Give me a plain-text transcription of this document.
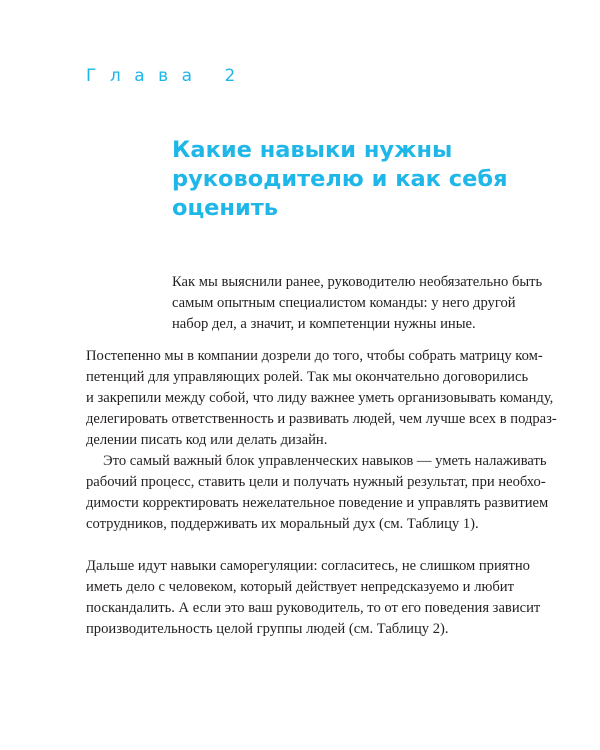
Глава 2
Какие навыки нужны
руководителю и как себя
оценить
Как мы выяснили ранее, руководителю необязательно быть
самым опытным специалистом команды: у него другой
набор дел, а значит, и компетенции нужны иные.
Постепенно мы в компании дозрели до того, чтобы собрать матрицу ком-
петенций для управляющих ролей. Так мы окончательно договорились
и закрепили между собой, что лиду важнее уметь организовывать команду,
делегировать ответственность и развивать людей, чем лучше всех в подраз-
делении писать код или делать дизайн.
Это самый важный блок управленческих навыков — уметь налаживать
рабочий процесс, ставить цели и получать нужный результат, при необхо-
димости корректировать нежелательное поведение и управлять развитием
сотрудников, поддерживать их моральный дух (см. Таблицу 1).
Дальше идут навыки саморегуляции: согласитесь, не слишком приятно
иметь дело с человеком, который действует непредсказуемо и любит
поскандалить. А если это ваш руководитель, то от его поведения зависит
производительность целой группы людей (см. Таблицу 2).
